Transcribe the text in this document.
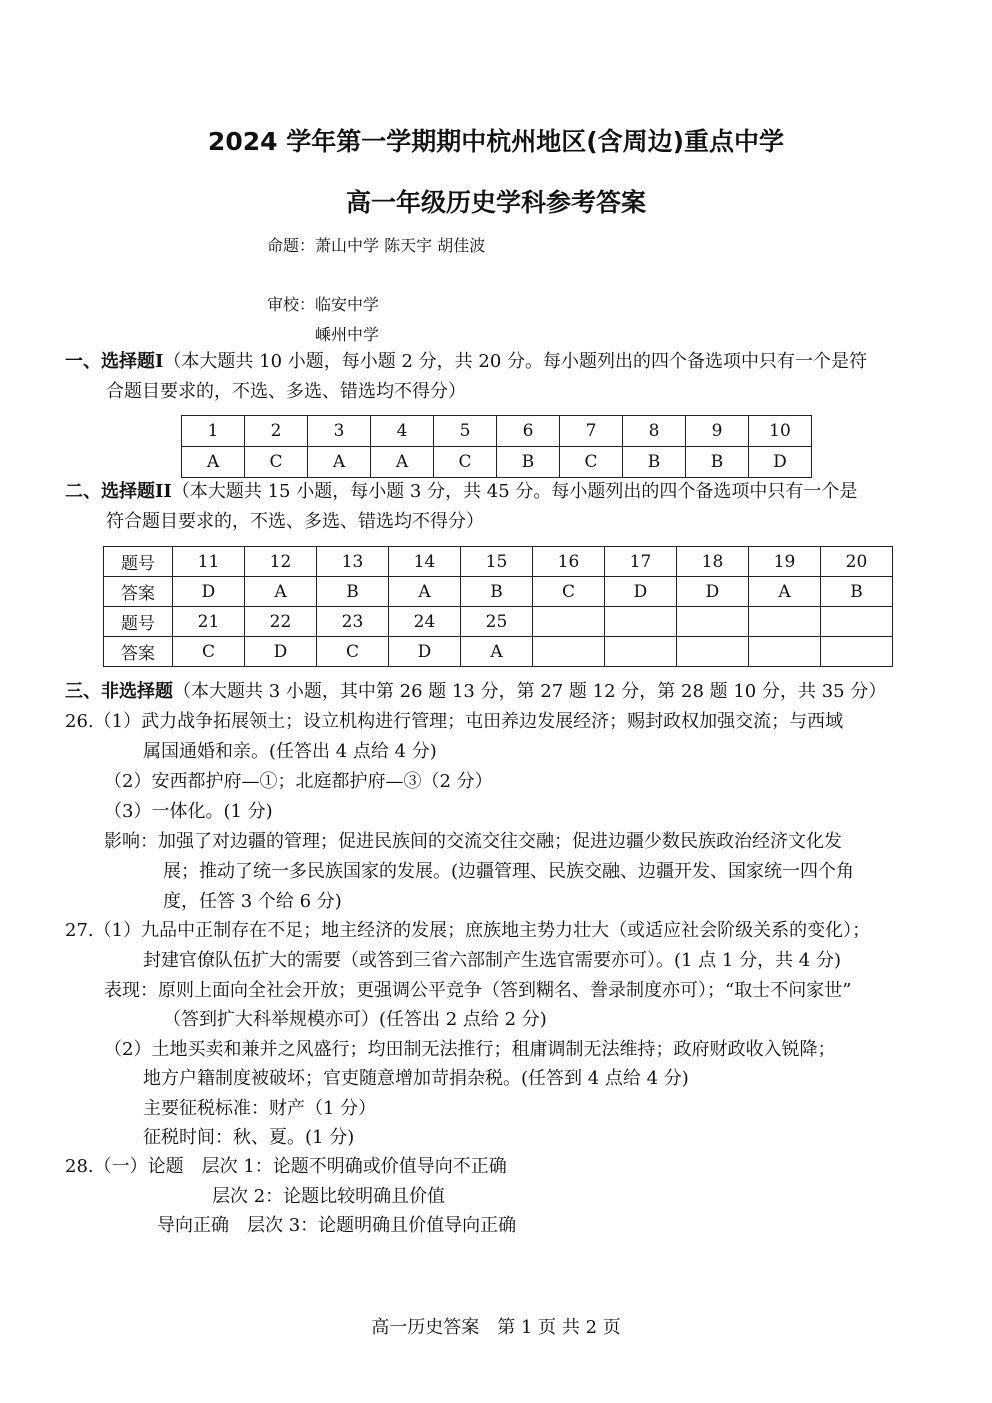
2024 学年第一学期期中杭州地区(含周边)重点中学
高一年级历史学科参考答案
命题：萧山中学 陈天宇 胡佳波
审校：临安中学
嵊州中学
一、选择题I（本大题共 10 小题，每小题 2 分，共 20 分。每小题列出的四个备选项中只有一个是符
合题目要求的，不选、多选、错选均不得分）
1	2	3	4	5	6	7	8	9	10
A	C	A	A	C	B	C	B	B	D
二、选择题II（本大题共 15 小题，每小题 3 分，共 45 分。每小题列出的四个备选项中只有一个是
符合题目要求的，不选、多选、错选均不得分）
题号	11	12	13	14	15	16	17	18	19	20
答案	D	A	B	A	B	C	D	D	A	B
题号	21	22	23	24	25					
答案	C	D	C	D	A					
三、非选择题（本大题共 3 小题，其中第 26 题 13 分，第 27 题 12 分，第 28 题 10 分，共 35 分）
26.（1）武力战争拓展领土；设立机构进行管理；屯田养边发展经济；赐封政权加强交流；与西域
属国通婚和亲。(任答出 4 点给 4 分)
（2）安西都护府—①；北庭都护府—③（2 分）
（3）一体化。(1 分)
影响：加强了对边疆的管理；促进民族间的交流交往交融；促进边疆少数民族政治经济文化发
展；推动了统一多民族国家的发展。(边疆管理、民族交融、边疆开发、国家统一四个角
度，任答 3 个给 6 分)
27.（1）九品中正制存在不足；地主经济的发展；庶族地主势力壮大（或适应社会阶级关系的变化）；
封建官僚队伍扩大的需要（或答到三省六部制产生选官需要亦可）。(1 点 1 分，共 4 分)
表现：原则上面向全社会开放；更强调公平竞争（答到糊名、誊录制度亦可）；“取士不问家世”
（答到扩大科举规模亦可）(任答出 2 点给 2 分)
（2）土地买卖和兼并之风盛行；均田制无法推行；租庸调制无法维持；政府财政收入锐降；
地方户籍制度被破坏；官吏随意增加苛捐杂税。(任答到 4 点给 4 分)
主要征税标准：财产（1 分）
征税时间：秋、夏。(1 分)
28.（一）论题　层次 1：论题不明确或价值导向不正确
层次 2：论题比较明确且价值
导向正确　层次 3：论题明确且价值导向正确
高一历史答案　第 1 页 共 2 页
